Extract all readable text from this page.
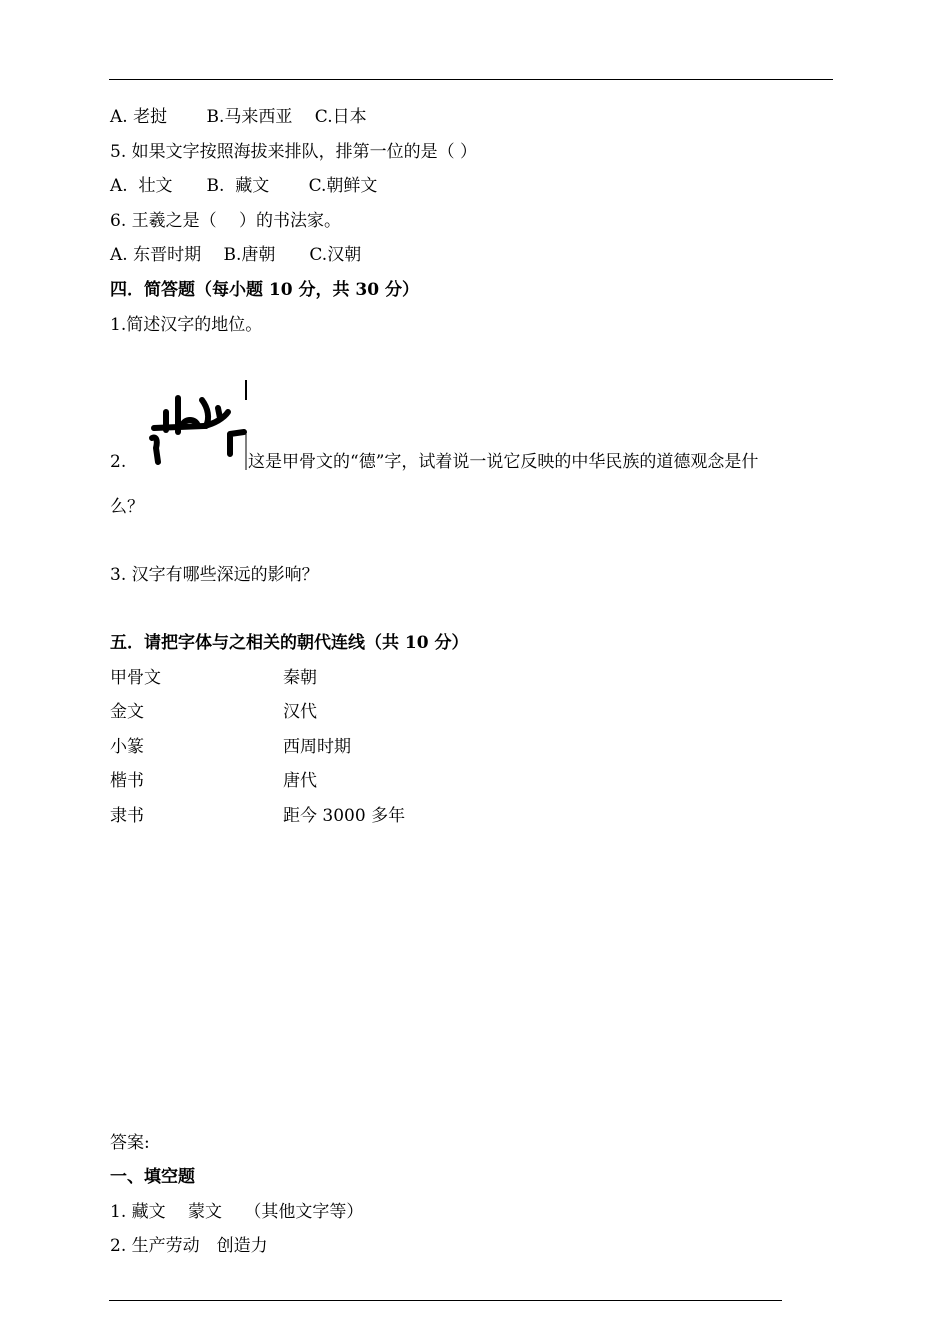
A. 老挝　　 B.马来西亚　 C.日本
5. 如果文字按照海拔来排队，排第一位的是（ ）
A.  壮文　　B.  藏文　　 C.朝鲜文
6. 王羲之是（　 ）的书法家。
A. 东晋时期　 B.唐朝　　C.汉朝
四．简答题（每小题 10 分，共 30 分）
1.简述汉字的地位。
2.	这是甲骨文的“德”字，试着说一说它反映的中华民族的道德观念是什
么？
3. 汉字有哪些深远的影响？
五．请把字体与之相关的朝代连线（共 10 分）
甲骨文	秦朝
金文	汉代
小篆	西周时期
楷书	唐代
隶书	距今 3000 多年
答案:
一、填空题
1. 藏文　 蒙文　 （其他文字等）
2. 生产劳动　创造力
